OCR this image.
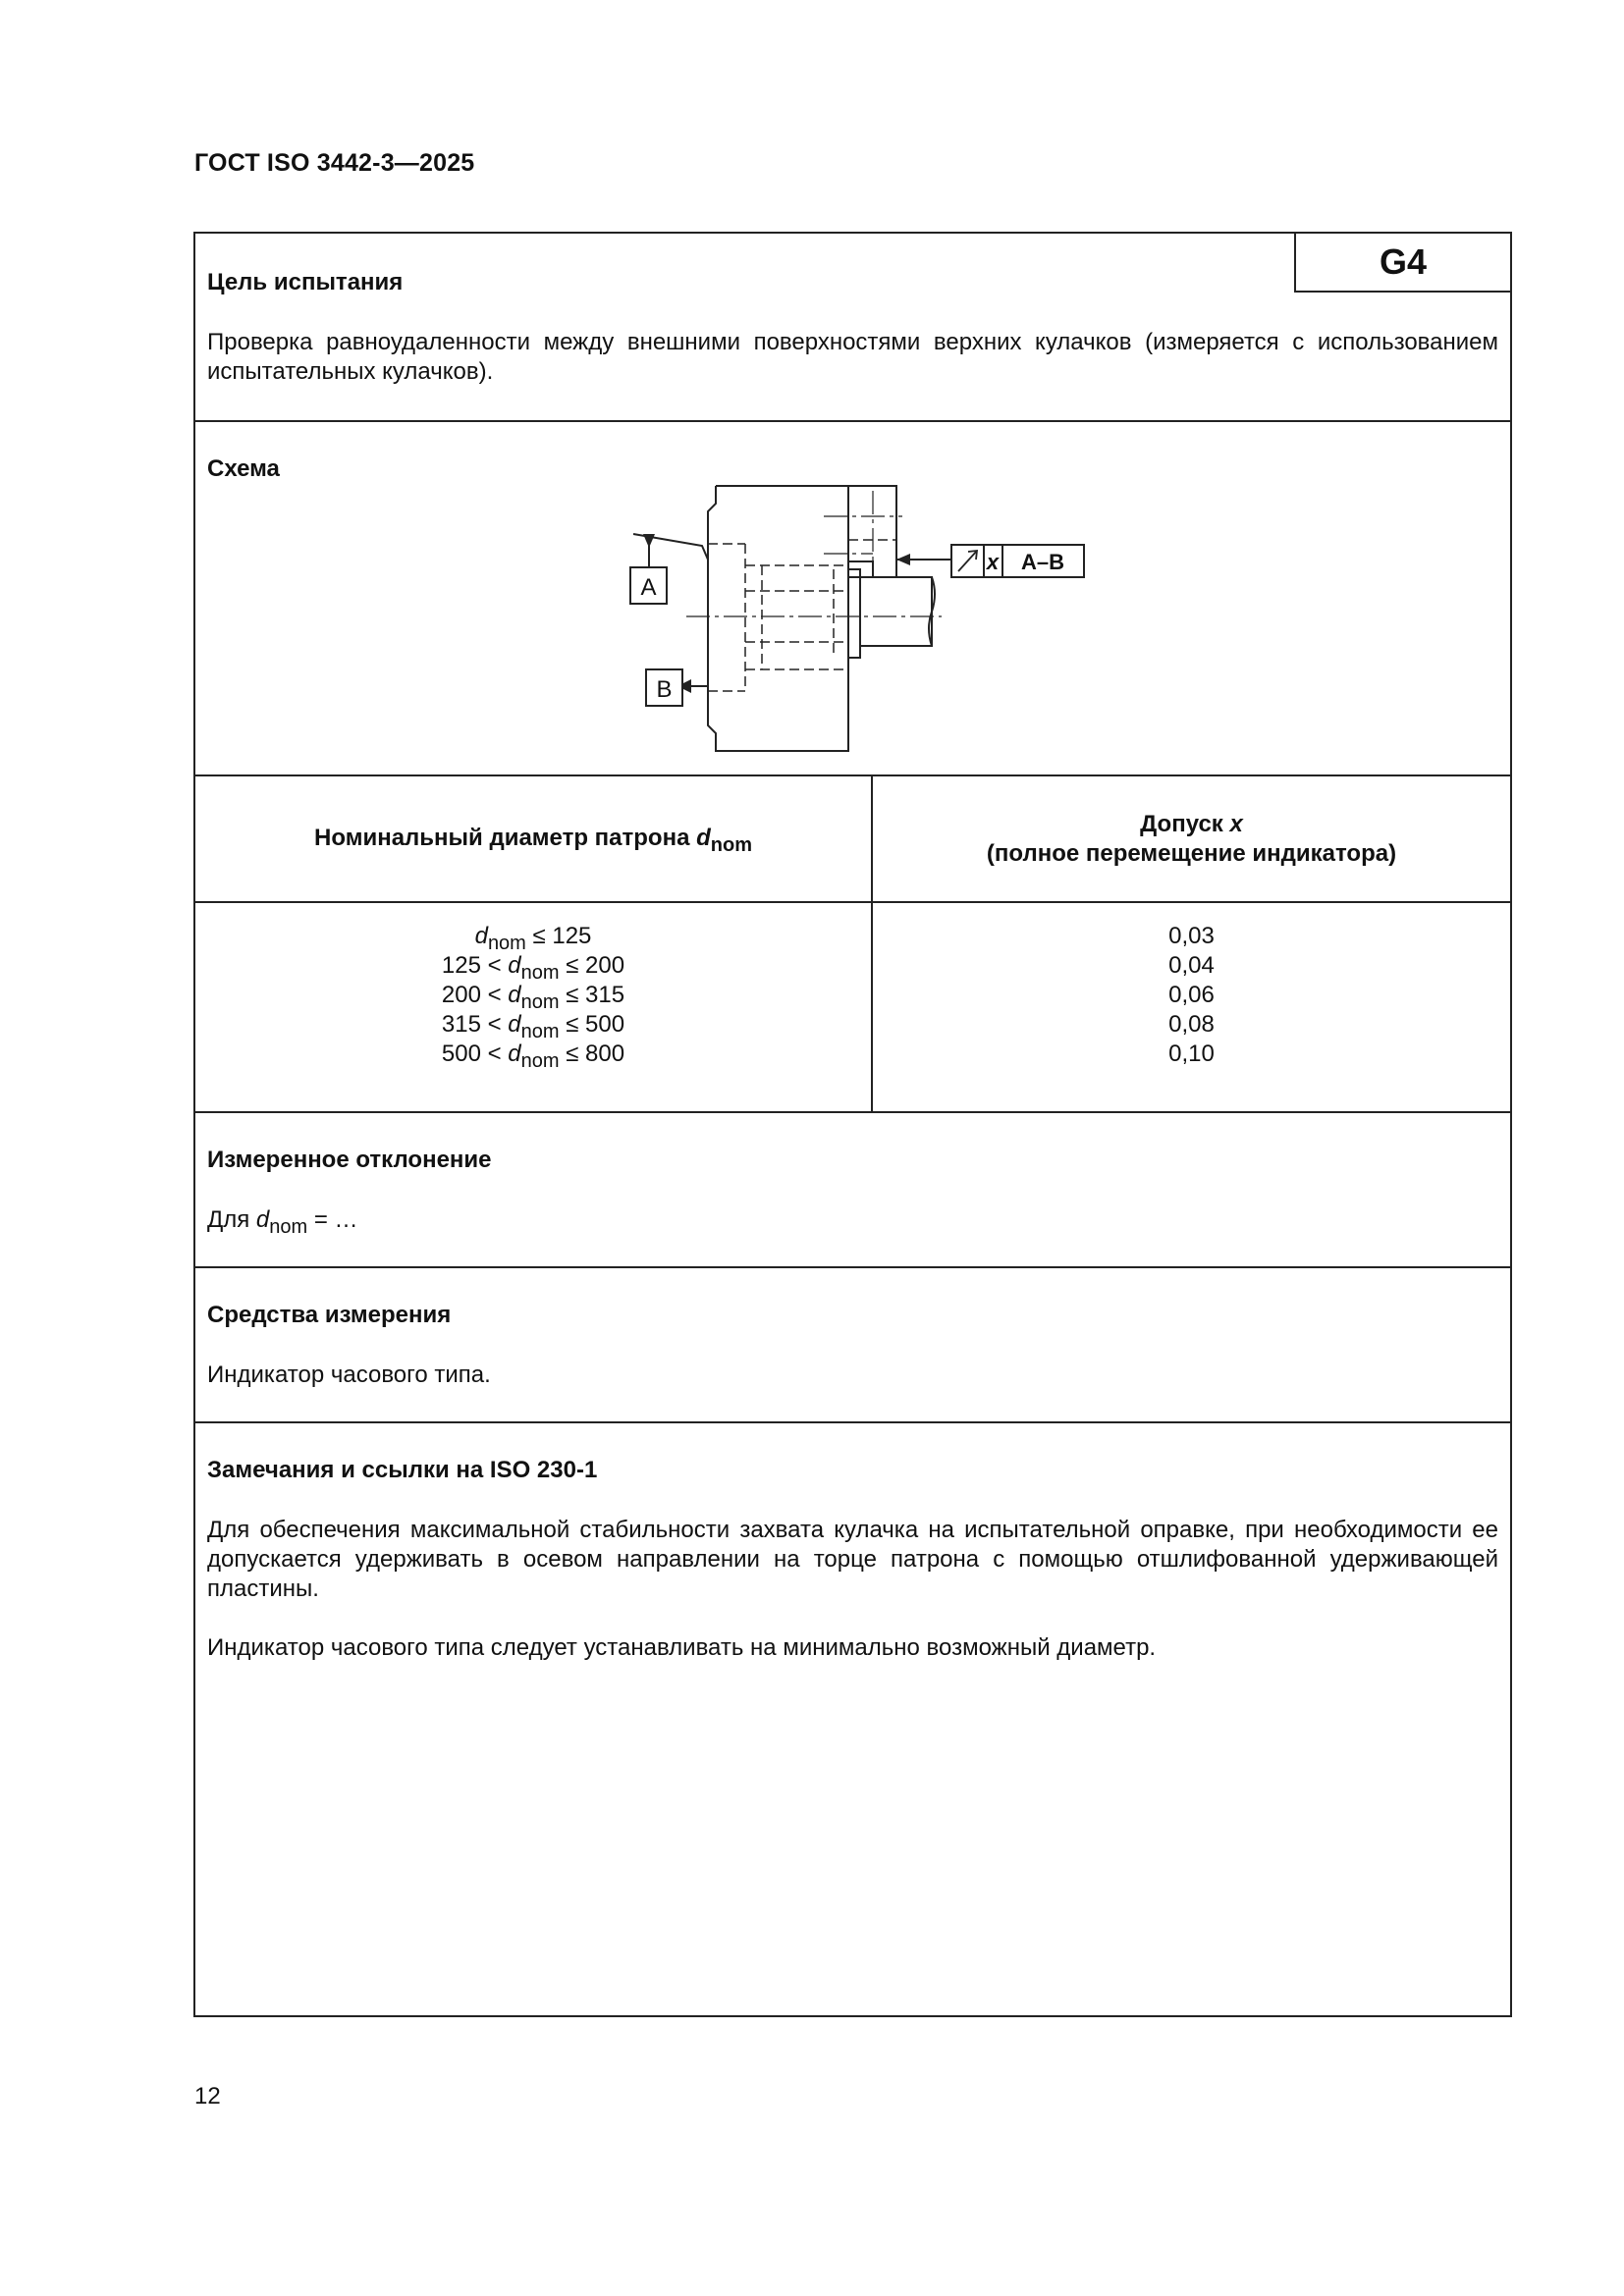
ГОСТ ISO 3442-3—2025
G4
Цель испытания
Проверка равноудаленности между внешними поверхностями верхних кулачков (измеряется с использованием испытательных кулачков).
Схема
A
B
x A–B
Номинальный диаметр патрона $d_{nom}$
Допуск x
(полное перемещение индикатора)
$d_{nom} \le 125$
$125 < d_{nom} \le 200$
$200 < d_{nom} \le 315$
$315 < d_{nom} \le 500$
$500 < d_{nom} \le 800$
0,03
0,04
0,06
0,08
0,10
Измеренное отклонение
Для $d_{nom}$ = …
Средства измерения
Индикатор часового типа.
Замечания и ссылки на ISO 230-1
Для обеспечения максимальной стабильности захвата кулачка на испытательной оправке, при необходимости ее допускается удерживать в осевом направлении на торце патрона с помощью отшлифованной удерживающей пластины.
Индикатор часового типа следует устанавливать на минимально возможный диаметр.
12
